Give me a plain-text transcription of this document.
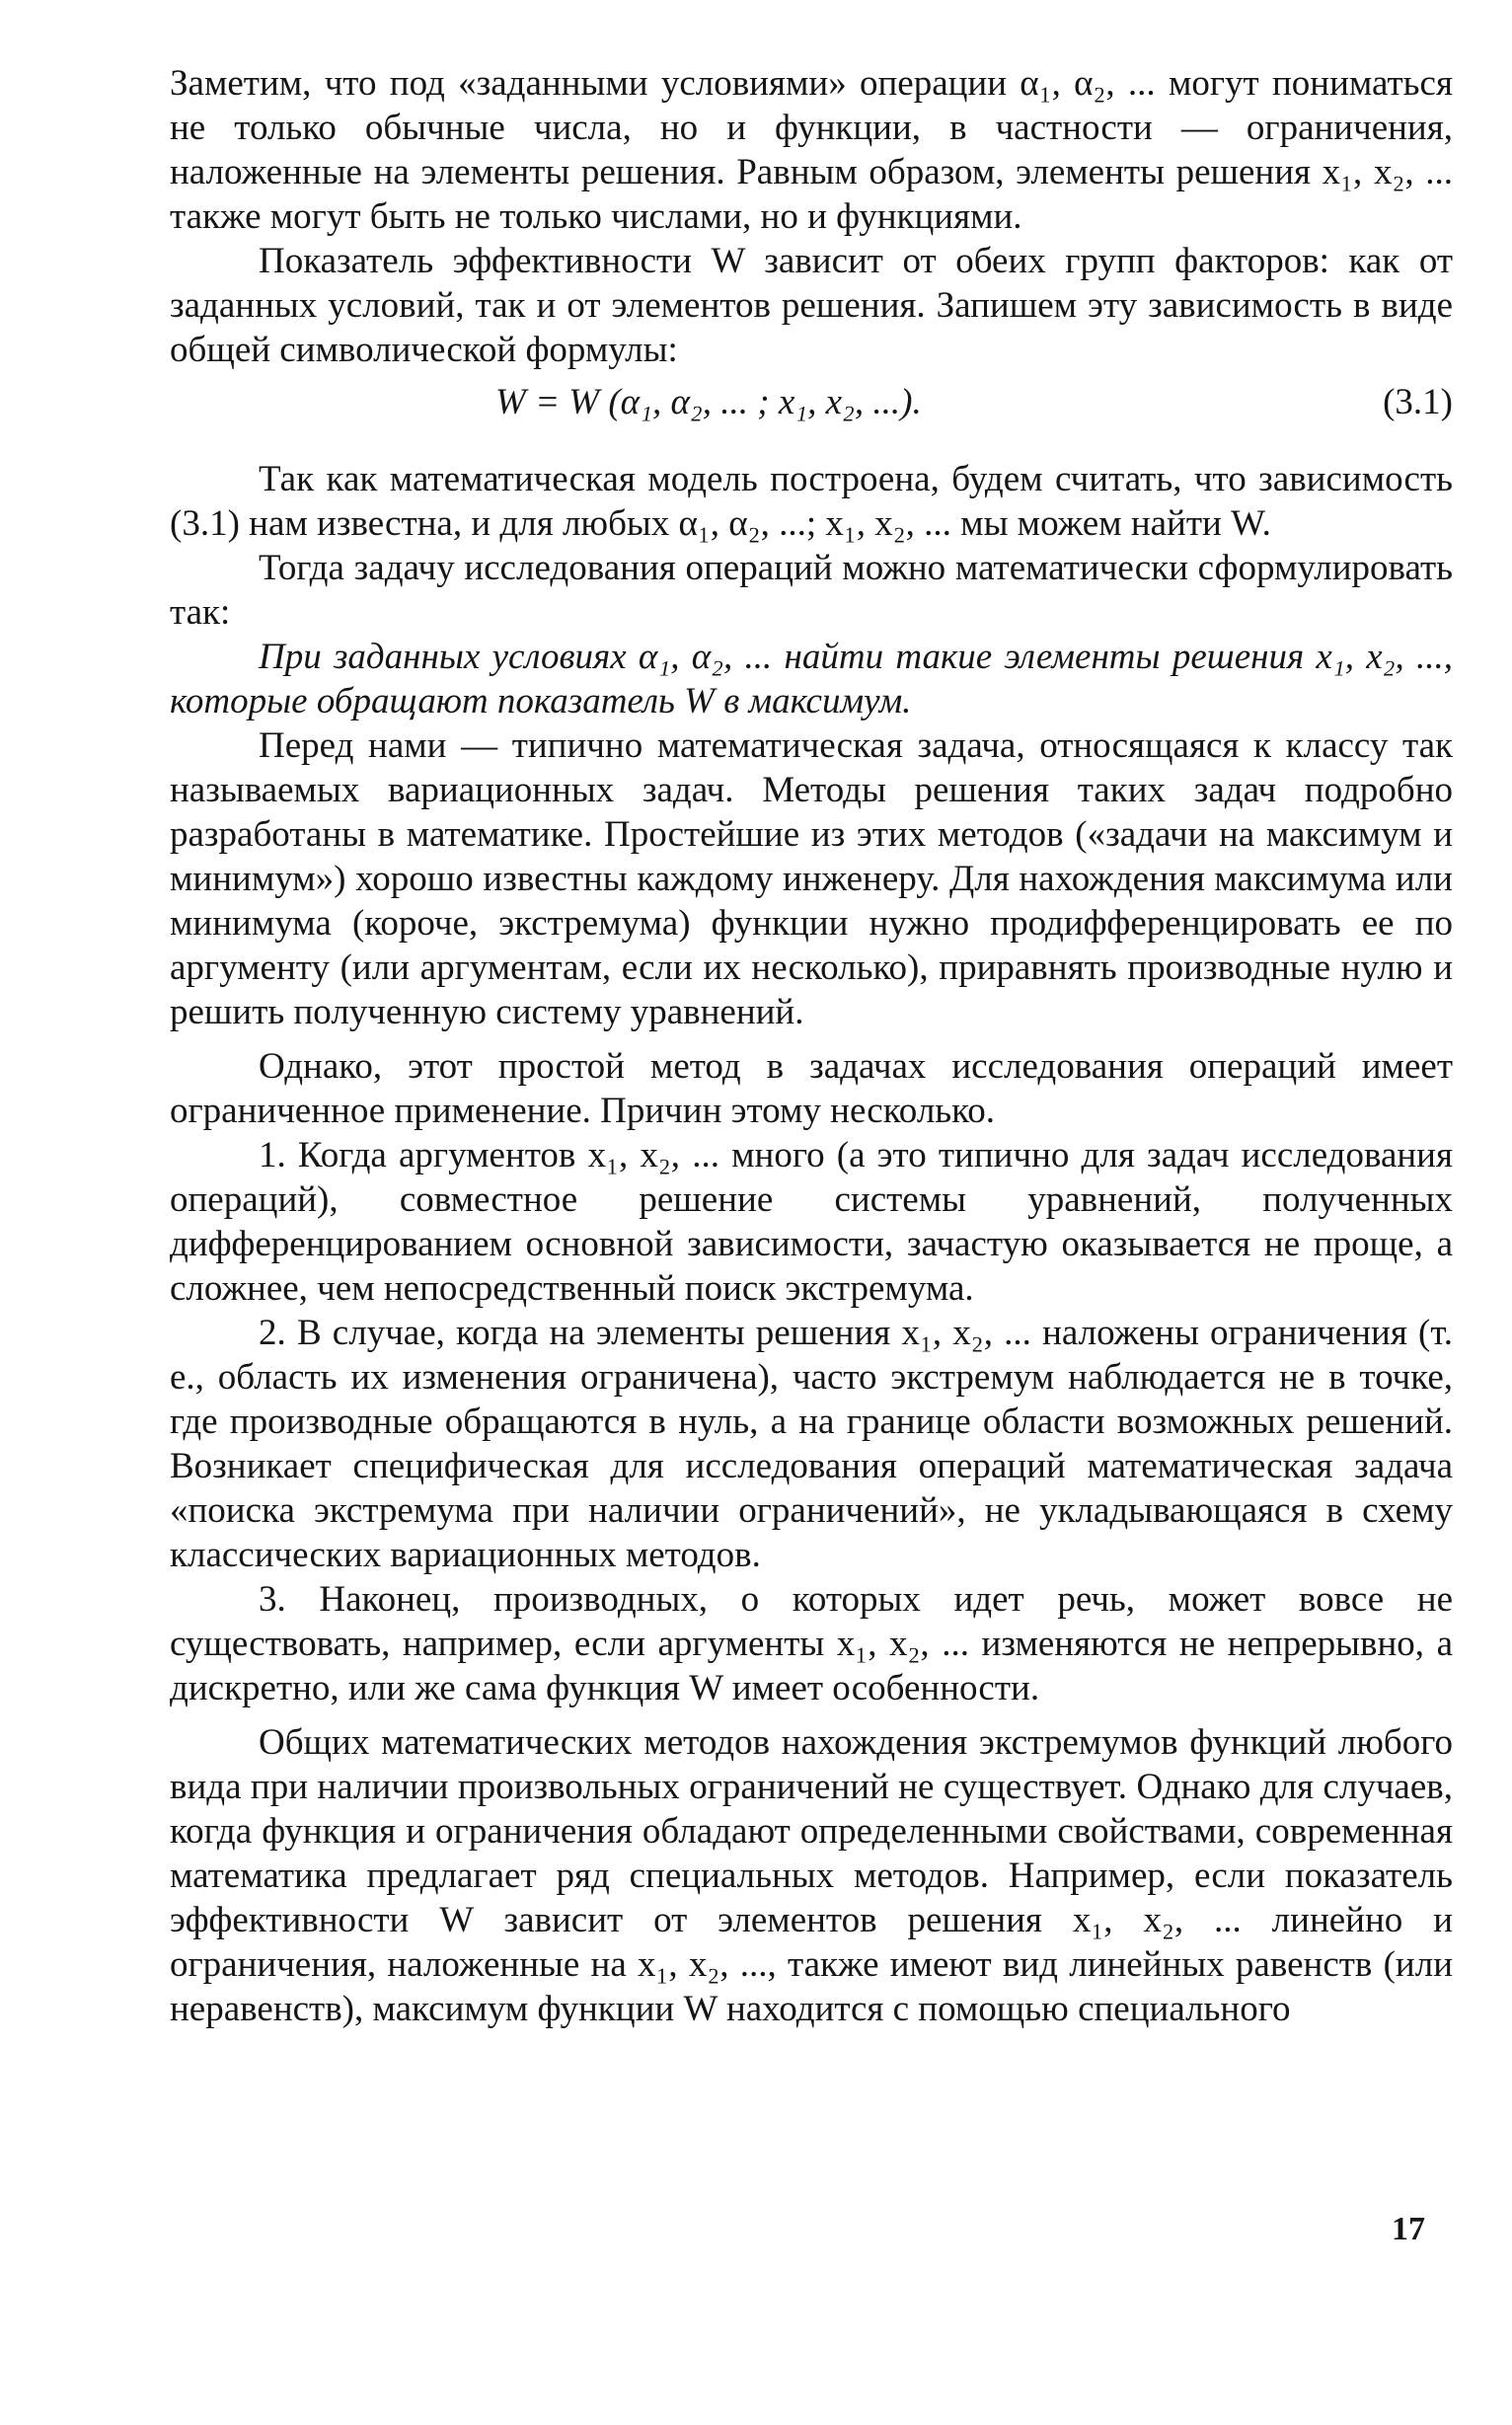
Заметим, что под «заданными условиями» операции α₁, α₂, ... могут пониматься не только обычные числа, но и функции, в частности — ограничения, наложенные на элементы решения. Равным образом, элементы решения x₁, x₂, ... также могут быть не только числами, но и функциями.

Показатель эффективности W зависит от обеих групп факторов: как от заданных условий, так и от элементов решения. Запишем эту зависимость в виде общей символической формулы:

W = W (α₁, α₂, ... ; x₁, x₂, ...).	(3.1)

Так как математическая модель построена, будем считать, что зависимость (3.1) нам известна, и для любых α₁, α₂, ...; x₁, x₂, ... мы можем найти W.

Тогда задачу исследования операций можно математически сформулировать так:

При заданных условиях α₁, α₂, ... найти такие элементы решения x₁, x₂, ..., которые обращают показатель W в максимум.

Перед нами — типично математическая задача, относящаяся к классу так называемых вариационных задач. Методы решения таких задач подробно разработаны в математике. Простейшие из этих методов («задачи на максимум и минимум») хорошо известны каждому инженеру. Для нахождения максимума или минимума (короче, экстремума) функции нужно продифференцировать ее по аргументу (или аргументам, если их несколько), приравнять производные нулю и решить полученную систему уравнений.

Однако, этот простой метод в задачах исследования операций имеет ограниченное применение. Причин этому несколько.

1. Когда аргументов x₁, x₂, ... много (а это типично для задач исследования операций), совместное решение системы уравнений, полученных дифференцированием основной зависимости, зачастую оказывается не проще, а сложнее, чем непосредственный поиск экстремума.

2. В случае, когда на элементы решения x₁, x₂, ... наложены ограничения (т. е., область их изменения ограничена), часто экстремум наблюдается не в точке, где производные обращаются в нуль, а на границе области возможных решений. Возникает специфическая для исследования операций математическая задача «поиска экстремума при наличии ограничений», не укладывающаяся в схему классических вариационных методов.

3. Наконец, производных, о которых идет речь, может вовсе не существовать, например, если аргументы x₁, x₂, ... изменяются не непрерывно, а дискретно, или же сама функция W имеет особенности.

Общих математических методов нахождения экстремумов функций любого вида при наличии произвольных ограничений не существует. Однако для случаев, когда функция и ограничения обладают определенными свойствами, современная математика предлагает ряд специальных методов. Например, если показатель эффективности W зависит от элементов решения x₁, x₂, ... линейно и ограничения, наложенные на x₁, x₂, ..., также имеют вид линейных равенств (или неравенств), максимум функции W находится с помощью специального

17
